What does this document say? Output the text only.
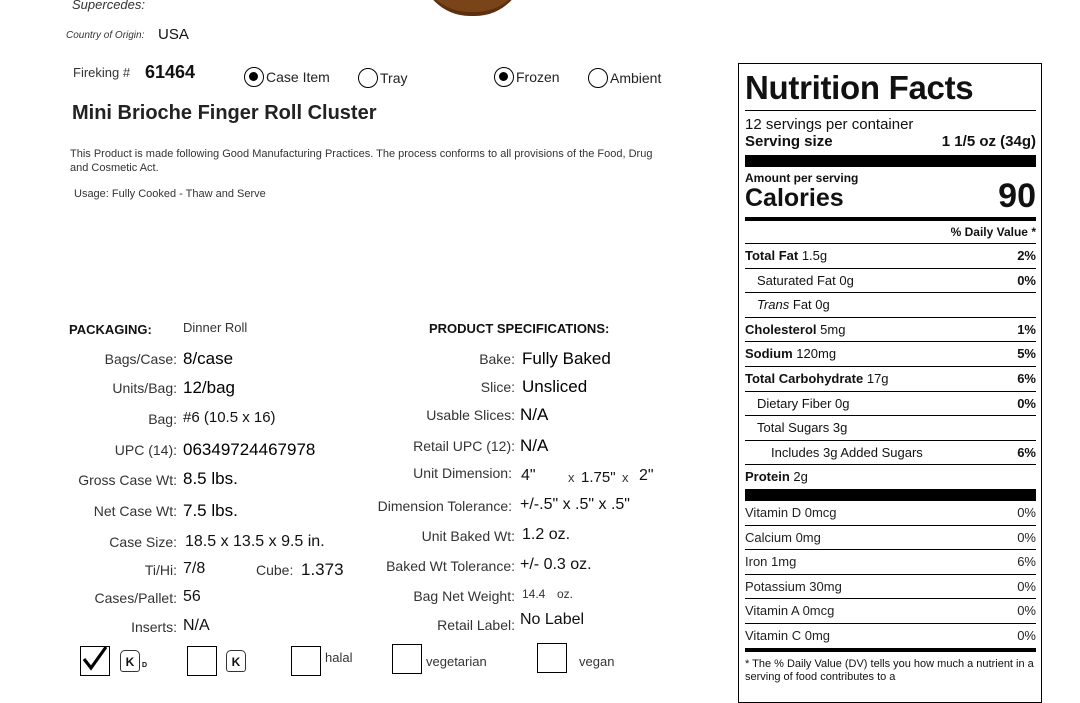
Supercedes:
Country of Origin: USA
Fireking # 61464	Case Item	Tray	Frozen	Ambient
Mini Brioche Finger Roll Cluster
This Product is made following Good Manufacturing Practices. The process conforms to all provisions of the Food, Drug and Cosmetic Act.
Usage: Fully Cooked - Thaw and Serve
PACKAGING: Dinner Roll
Bags/Case: 8/case
Units/Bag: 12/bag
Bag: #6 (10.5 x 16)
UPC (14): 06349724467978
Gross Case Wt: 8.5 lbs.
Net Case Wt: 7.5 lbs.
Case Size: 18.5 x 13.5 x 9.5 in.
Ti/Hi: 7/8	Cube: 1.373
Cases/Pallet: 56
Inserts: N/A
PRODUCT SPECIFICATIONS:
Bake: Fully Baked
Slice: Unsliced
Usable Slices: N/A
Retail UPC (12): N/A
Unit Dimension: 4" x 1.75" x 2"
Dimension Tolerance: +/-.5" x .5" x .5"
Unit Baked Wt: 1.2 oz.
Baked Wt Tolerance: +/- 0.3 oz.
Bag Net Weight: 14.4 oz.
Retail Label: No Label
K D	K	halal	vegetarian	vegan
Nutrition Facts
12 servings per container
Serving size	1 1/5 oz (34g)
Amount per serving
Calories	90
% Daily Value *
Total Fat 1.5g	2%
Saturated Fat 0g	0%
Trans Fat 0g
Cholesterol 5mg	1%
Sodium 120mg	5%
Total Carbohydrate 17g	6%
Dietary Fiber 0g	0%
Total Sugars 3g
Includes 3g Added Sugars	6%
Protein 2g
Vitamin D 0mcg	0%
Calcium 0mg	0%
Iron 1mg	6%
Potassium 30mg	0%
Vitamin A 0mcg	0%
Vitamin C 0mg	0%
* The % Daily Value (DV) tells you how much a nutrient in a serving of food contributes to a
